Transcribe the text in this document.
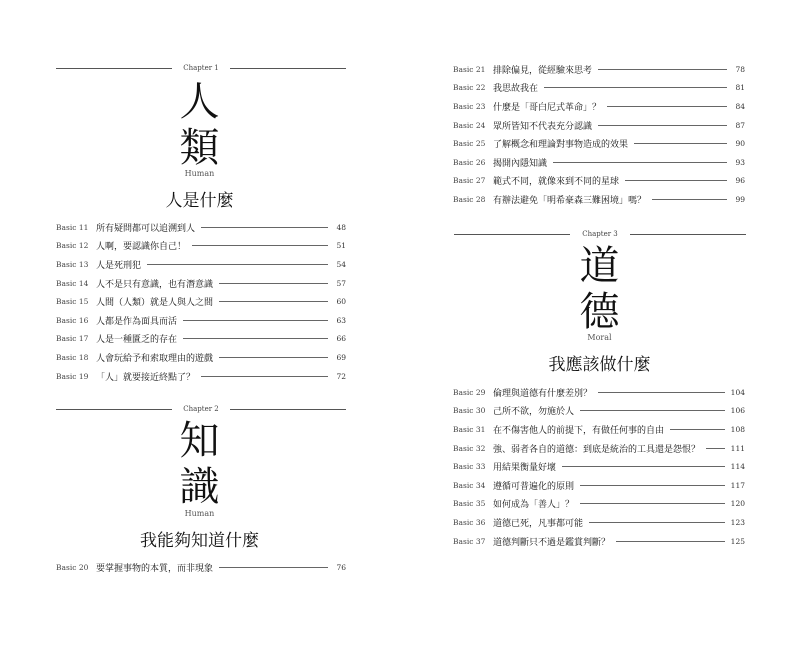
Chapter 1
人
類
Human
人是什麼
Basic 11 所有疑問都可以追溯到人	48
Basic 12 人啊，要認識你自己！	51
Basic 13 人是死刑犯	54
Basic 14 人不是只有意識，也有潛意識	57
Basic 15 人間（人類）就是人與人之間	60
Basic 16 人都是作為面具而活	63
Basic 17 人是一種匱乏的存在	66
Basic 18 人會玩給予和索取理由的遊戲	69
Basic 19 「人」就要接近終點了？	72
Chapter 2
知
識
Human
我能夠知道什麼
Basic 20 要掌握事物的本質，而非現象	76
Basic 21 排除偏見，從經驗來思考	78
Basic 22 我思故我在	81
Basic 23 什麼是「哥白尼式革命」？	84
Basic 24 眾所皆知不代表充分認識	87
Basic 25 了解概念和理論對事物造成的效果	90
Basic 26 揭開內隱知識	93
Basic 27 範式不同，就像來到不同的星球	96
Basic 28 有辦法避免「明希豪森三難困境」嗎？	99
Chapter 3
道
德
Moral
我應該做什麼
Basic 29 倫理與道德有什麼差別？	104
Basic 30 己所不欲，勿施於人	106
Basic 31 在不傷害他人的前提下，有做任何事的自由	108
Basic 32 強、弱者各自的道德：到底是統治的工具還是怨恨？	111
Basic 33 用結果衡量好壞	114
Basic 34 遵循可普遍化的原則	117
Basic 35 如何成為「善人」？	120
Basic 36 道德已死，凡事都可能	123
Basic 37 道德判斷只不過是鑑賞判斷？	125
